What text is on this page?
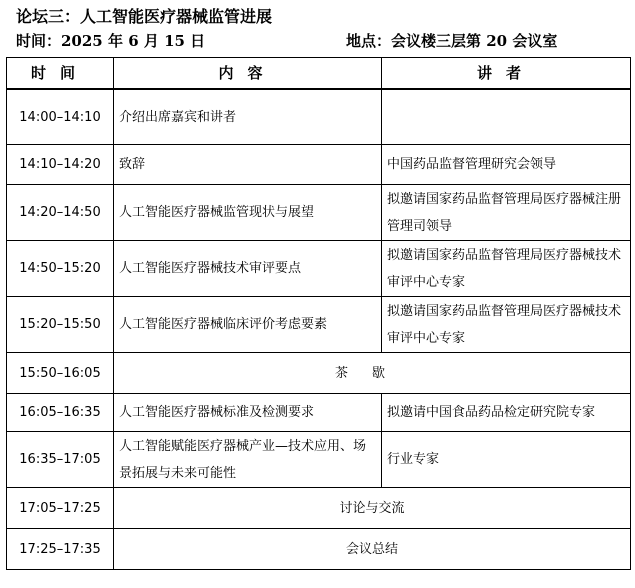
论坛三：人工智能医疗器械监管进展
时间：2025 年 6 月 15 日	地点：会议楼三层第 20 会议室
时间	内容	讲者
14:00–14:10	介绍出席嘉宾和讲者	
14:10–14:20	致辞	中国药品监督管理研究会领导
14:20–14:50	人工智能医疗器械监管现状与展望	拟邀请国家药品监督管理局医疗器械注册管理司领导
14:50–15:20	人工智能医疗器械技术审评要点	拟邀请国家药品监督管理局医疗器械技术审评中心专家
15:20–15:50	人工智能医疗器械临床评价考虑要素	拟邀请国家药品监督管理局医疗器械技术审评中心专家
15:50–16:05	茶歇	
16:05–16:35	人工智能医疗器械标准及检测要求	拟邀请中国食品药品检定研究院专家
16:35–17:05	人工智能赋能医疗器械产业—技术应用、场景拓展与未来可能性	行业专家
17:05–17:25	讨论与交流	
17:25–17:35	会议总结	
